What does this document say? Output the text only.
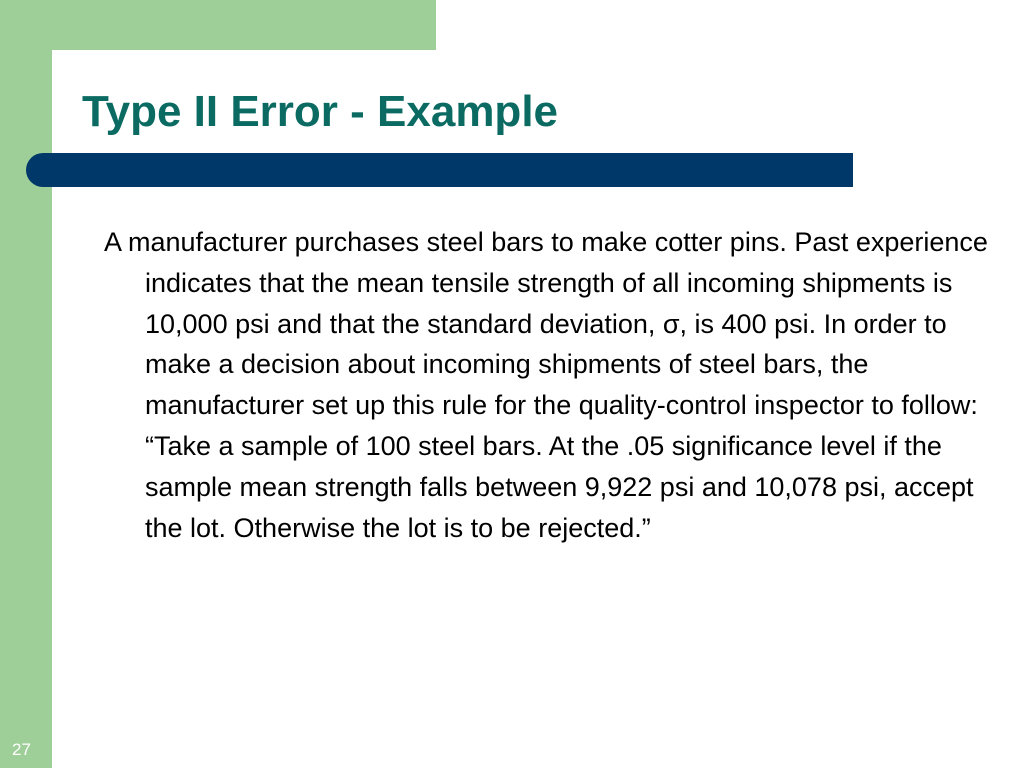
Type II Error - Example

A manufacturer purchases steel bars to make cotter pins. Past experience indicates that the mean tensile strength of all incoming shipments is 10,000 psi and that the standard deviation, σ, is 400 psi. In order to make a decision about incoming shipments of steel bars, the manufacturer set up this rule for the quality-control inspector to follow: “Take a sample of 100 steel bars. At the .05 significance level if the sample mean strength falls between 9,922 psi and 10,078 psi, accept the lot. Otherwise the lot is to be rejected.”

27
